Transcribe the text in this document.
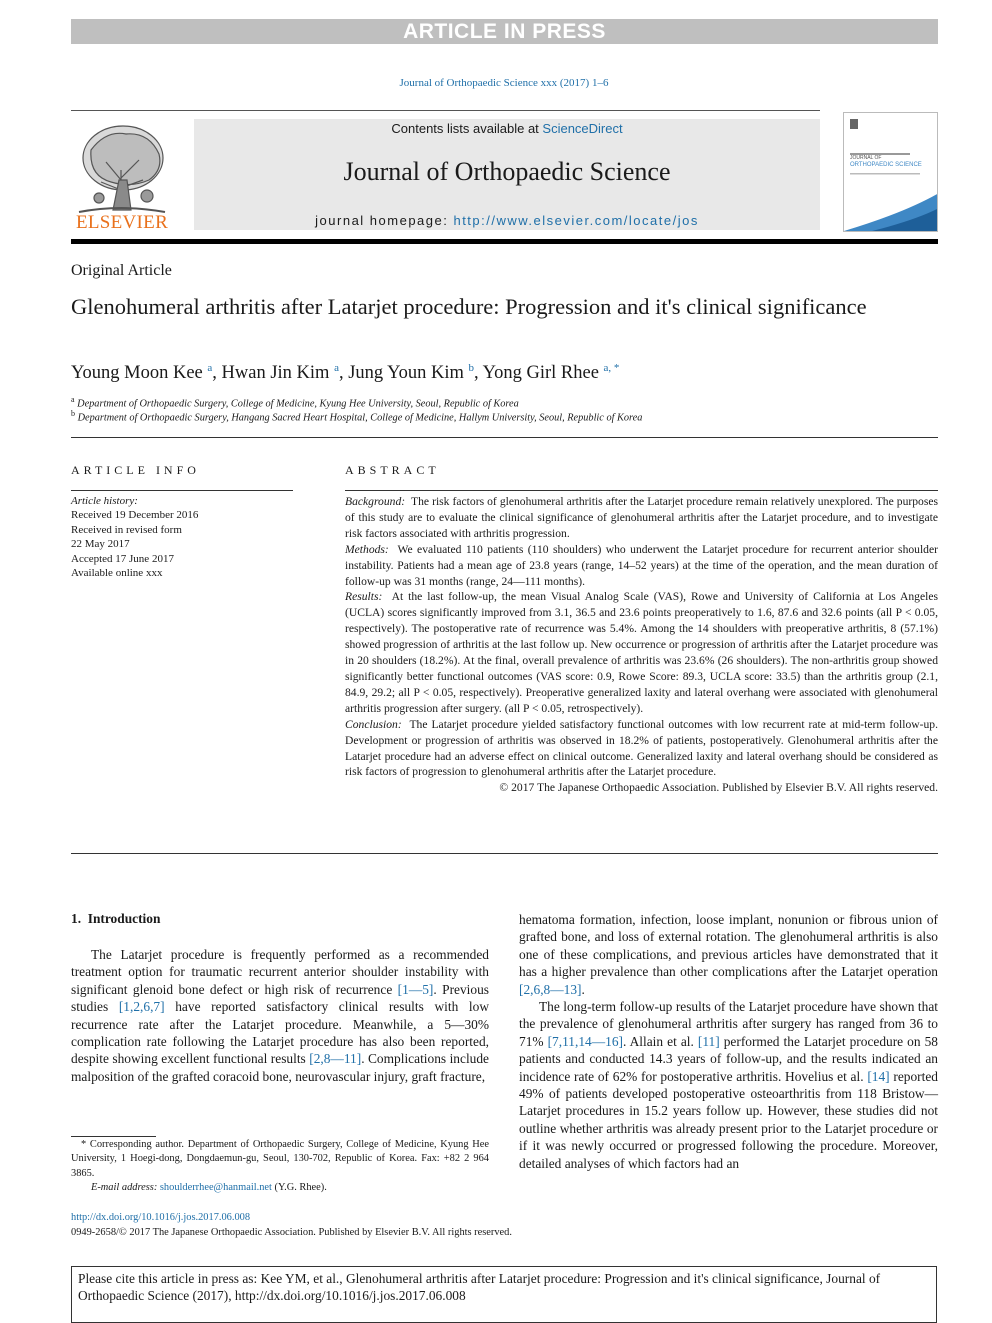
ARTICLE IN PRESS
Journal of Orthopaedic Science xxx (2017) 1–6
ELSEVIER
Contents lists available at ScienceDirect
Journal of Orthopaedic Science
journal homepage: http://www.elsevier.com/locate/jos
JOURNAL OF
ORTHOPAEDIC SCIENCE
Original Article
Glenohumeral arthritis after Latarjet procedure: Progression and it's clinical significance
Young Moon Kee $^a$, Hwan Jin Kim $^a$, Jung Youn Kim $^b$, Yong Girl Rhee $^{a, *}$
$^a$ Department of Orthopaedic Surgery, College of Medicine, Kyung Hee University, Seoul, Republic of Korea
$^b$ Department of Orthopaedic Surgery, Hangang Sacred Heart Hospital, College of Medicine, Hallym University, Seoul, Republic of Korea
ARTICLE INFO	ABSTRACT
Article history:
Received 19 December 2016
Received in revised form
22 May 2017
Accepted 17 June 2017
Available online xxx

Background: The risk factors of glenohumeral arthritis after the Latarjet procedure remain relatively unexplored. The purposes of this study are to evaluate the clinical significance of glenohumeral arthritis after the Latarjet procedure, and to investigate risk factors associated with arthritis progression.

Methods: We evaluated 110 patients (110 shoulders) who underwent the Latarjet procedure for recurrent anterior shoulder instability. Patients had a mean age of 23.8 years (range, 14–52 years) at the time of the operation, and the mean duration of follow-up was 31 months (range, 24—111 months).

Results: At the last follow-up, the mean Visual Analog Scale (VAS), Rowe and University of California at Los Angeles (UCLA) scores significantly improved from 3.1, 36.5 and 23.6 points preoperatively to 1.6, 87.6 and 32.6 points (all P < 0.05, respectively). The postoperative rate of recurrence was 5.4%. Among the 14 shoulders with preoperative arthritis, 8 (57.1%) showed progression of arthritis at the last follow up. New occurrence or progression of arthritis after the Latarjet procedure was in 20 shoulders (18.2%). At the final, overall prevalence of arthritis was 23.6% (26 shoulders). The non-arthritis group showed significantly better functional outcomes (VAS score: 0.9, Rowe Score: 89.3, UCLA score: 33.5) than the arthritis group (2.1, 84.9, 29.2; all P < 0.05, respectively). Preoperative generalized laxity and lateral overhang were associated with glenohumeral arthritis progression after surgery. (all P < 0.05, retrospectively).

Conclusion: The Latarjet procedure yielded satisfactory functional outcomes with low recurrent rate at mid-term follow-up. Development or progression of arthritis was observed in 18.2% of patients, postoperatively. Glenohumeral arthritis after the Latarjet procedure had an adverse effect on clinical outcome. Generalized laxity and lateral overhang should be considered as risk factors of progression to glenohumeral arthritis after the Latarjet procedure.

© 2017 The Japanese Orthopaedic Association. Published by Elsevier B.V. All rights reserved.

1. Introduction

The Latarjet procedure is frequently performed as a recommended treatment option for traumatic recurrent anterior shoulder instability with significant glenoid bone defect or high risk of recurrence [1—5]. Previous studies [1,2,6,7] have reported satisfactory clinical results with low recurrence rate after the Latarjet procedure. Meanwhile, a 5—30% complication rate following the Latarjet procedure has also been reported, despite showing excellent functional results [2,8—11]. Complications include malposition of the grafted coracoid bone, neurovascular injury, graft fracture,

hematoma formation, infection, loose implant, nonunion or fibrous union of grafted bone, and loss of external rotation. The glenohumeral arthritis is also one of these complications, and previous articles have demonstrated that it has a higher prevalence than other complications after the Latarjet operation [2,6,8—13].

The long-term follow-up results of the Latarjet procedure have shown that the prevalence of glenohumeral arthritis after surgery has ranged from 36 to 71% [7,11,14—16]. Allain et al. [11] performed the Latarjet procedure on 58 patients and conducted 14.3 years of follow-up, and the results indicated an incidence rate of 62% for postoperative arthritis. Hovelius et al. [14] reported 49% of patients developed postoperative osteoarthritis from 118 Bristow—Latarjet procedures in 15.2 years follow up. However, these studies did not outline whether arthritis was already present prior to the Latarjet procedure or if it was newly occurred or progressed following the procedure. Moreover, detailed analyses of which factors had an

* Corresponding author. Department of Orthopaedic Surgery, College of Medicine, Kyung Hee University, 1 Hoegi-dong, Dongdaemun-gu, Seoul, 130-702, Republic of Korea. Fax: +82 2 964 3865.

E-mail address: shoulderrhee@hanmail.net (Y.G. Rhee).

http://dx.doi.org/10.1016/j.jos.2017.06.008
0949-2658/© 2017 The Japanese Orthopaedic Association. Published by Elsevier B.V. All rights reserved.
Please cite this article in press as: Kee YM, et al., Glenohumeral arthritis after Latarjet procedure: Progression and it's clinical significance, Journal of Orthopaedic Science (2017), http://dx.doi.org/10.1016/j.jos.2017.06.008
